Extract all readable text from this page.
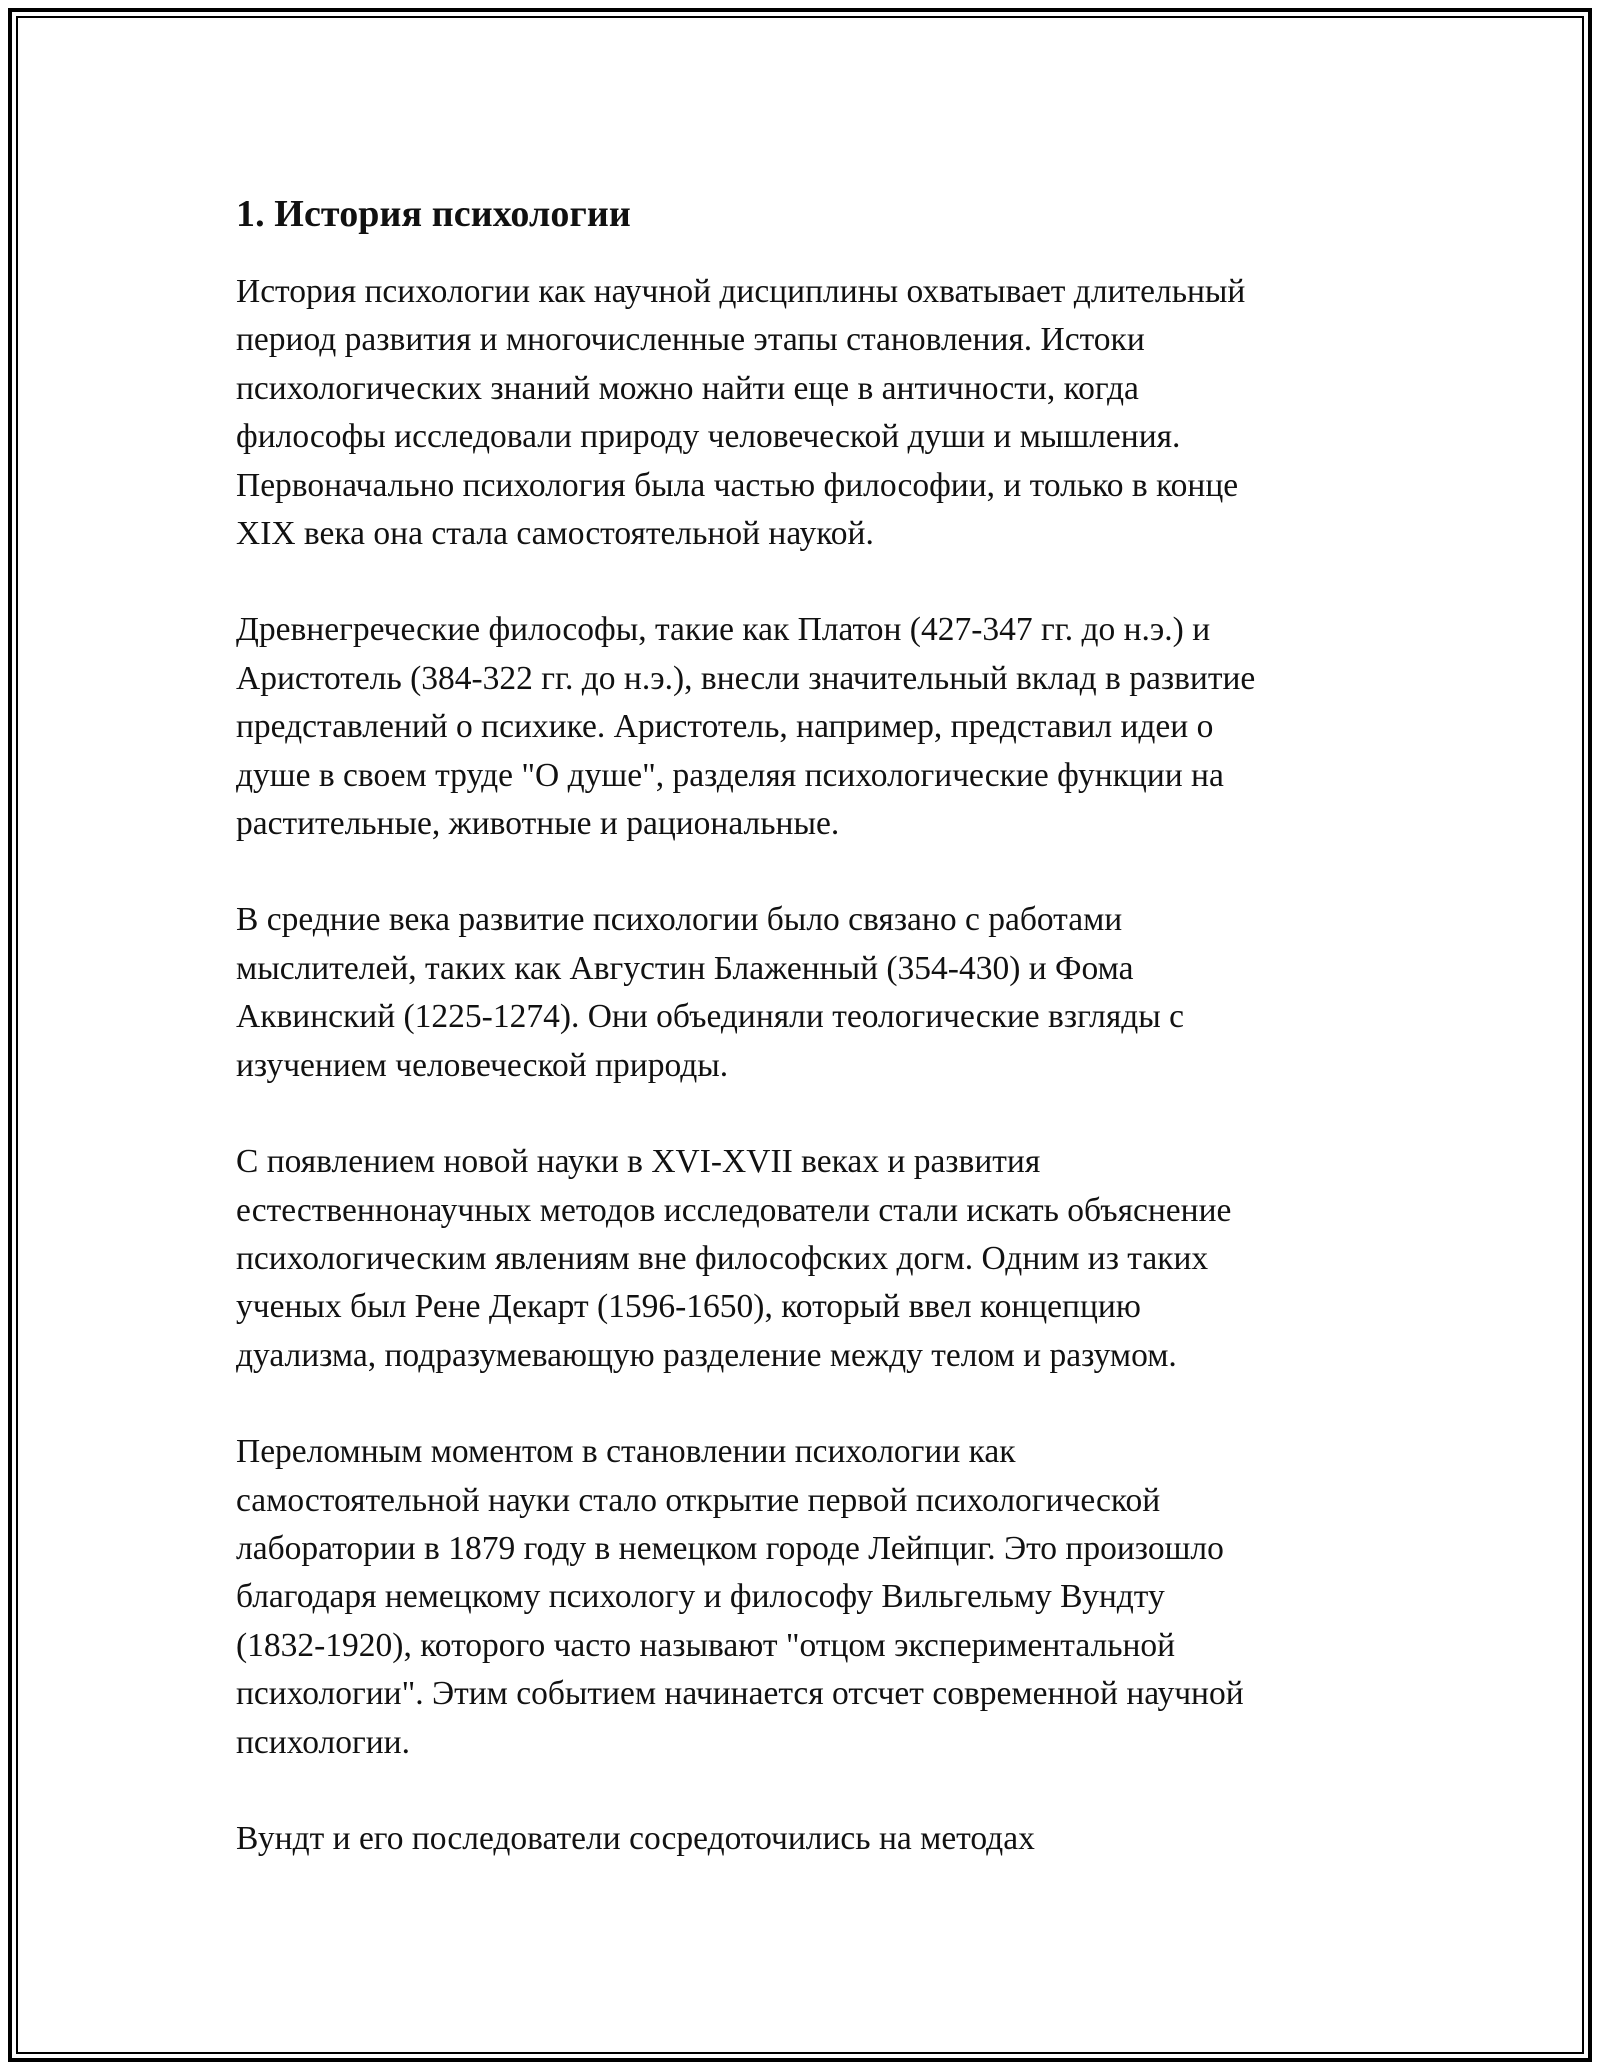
1. История психологии

История психологии как научной дисциплины охватывает длительный
период развития и многочисленные этапы становления. Истоки
психологических знаний можно найти еще в античности, когда
философы исследовали природу человеческой души и мышления.
Первоначально психология была частью философии, и только в конце
XIX века она стала самостоятельной наукой.

Древнегреческие философы, такие как Платон (427-347 гг. до н.э.) и
Аристотель (384-322 гг. до н.э.), внесли значительный вклад в развитие
представлений о психике. Аристотель, например, представил идеи о
душе в своем труде "О душе", разделяя психологические функции на
растительные, животные и рациональные.

В средние века развитие психологии было связано с работами
мыслителей, таких как Августин Блаженный (354-430) и Фома
Аквинский (1225-1274). Они объединяли теологические взгляды с
изучением человеческой природы.

С появлением новой науки в XVI-XVII веках и развития
естественнонаучных методов исследователи стали искать объяснение
психологическим явлениям вне философских догм. Одним из таких
ученых был Рене Декарт (1596-1650), который ввел концепцию
дуализма, подразумевающую разделение между телом и разумом.

Переломным моментом в становлении психологии как
самостоятельной науки стало открытие первой психологической
лаборатории в 1879 году в немецком городе Лейпциг. Это произошло
благодаря немецкому психологу и философу Вильгельму Вундту
(1832-1920), которого часто называют "отцом экспериментальной
психологии". Этим событием начинается отсчет современной научной
психологии.

Вундт и его последователи сосредоточились на методах
